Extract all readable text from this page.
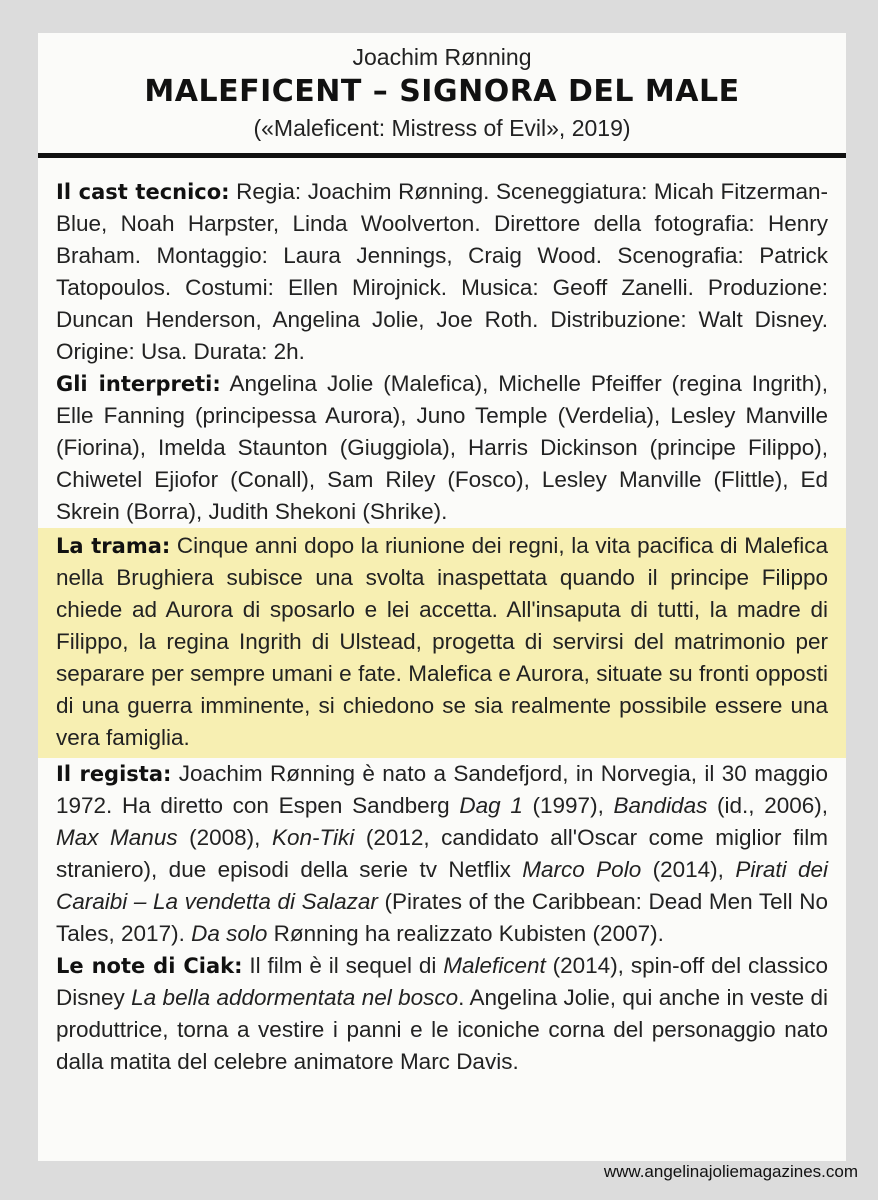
Joachim Rønning
MALEFICENT – SIGNORA DEL MALE
(«Maleficent: Mistress of Evil», 2019)

Il cast tecnico: Regia: Joachim Rønning. Sceneggiatura: Micah Fitzerman-Blue, Noah Harpster, Linda Woolverton. Direttore della fotografia: Henry Braham. Montaggio: Laura Jennings, Craig Wood. Scenografia: Patrick Tatopoulos. Costumi: Ellen Mirojnick. Musica: Geoff Zanelli. Produzione: Duncan Henderson, Angelina Jolie, Joe Roth. Distribuzione: Walt Disney. Origine: Usa. Durata: 2h.

Gli interpreti: Angelina Jolie (Malefica), Michelle Pfeiffer (regina Ingrith), Elle Fanning (principessa Aurora), Juno Temple (Verdelia), Lesley Manville (Fiorina), Imelda Staunton (Giuggiola), Harris Dickinson (principe Filippo), Chiwetel Ejiofor (Conall), Sam Riley (Fosco), Lesley Manville (Flittle), Ed Skrein (Borra), Judith Shekoni (Shrike).

La trama: Cinque anni dopo la riunione dei regni, la vita pacifica di Malefica nella Brughiera subisce una svolta inaspettata quando il principe Filippo chiede ad Aurora di sposarlo e lei accetta. All'insaputa di tutti, la madre di Filippo, la regina Ingrith di Ulstead, progetta di servirsi del matrimonio per separare per sempre umani e fate. Malefica e Aurora, situate su fronti opposti di una guerra imminente, si chiedono se sia realmente possibile essere una vera famiglia.

Il regista: Joachim Rønning è nato a Sandefjord, in Norvegia, il 30 maggio 1972. Ha diretto con Espen Sandberg Dag 1 (1997), Bandidas (id., 2006), Max Manus (2008), Kon-Tiki (2012, candidato all'Oscar come miglior film straniero), due episodi della serie tv Netflix Marco Polo (2014), Pirati dei Caraibi – La vendetta di Salazar (Pirates of the Caribbean: Dead Men Tell No Tales, 2017). Da solo Rønning ha realizzato Kubisten (2007).

Le note di Ciak: Il film è il sequel di Maleficent (2014), spin-off del classico Disney La bella addormentata nel bosco. Angelina Jolie, qui anche in veste di produttrice, torna a vestire i panni e le iconiche corna del personaggio nato dalla matita del celebre animatore Marc Davis.

www.angelinajoliemagazines.com
